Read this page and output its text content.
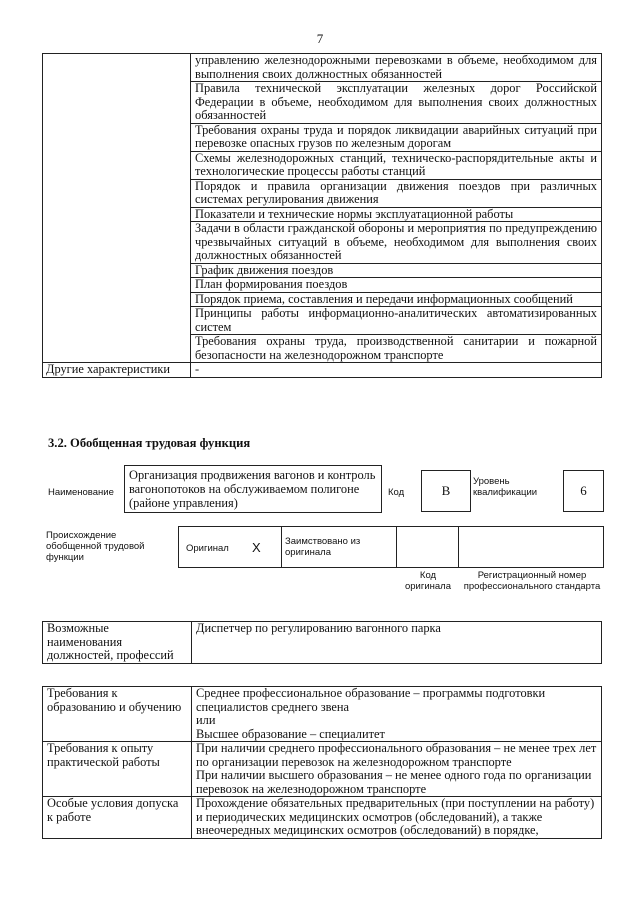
7
	управлению железнодорожными перевозками в объеме, необходимом для выполнения своих должностных обязанностей
	Правила технической эксплуатации железных дорог Российской Федерации в объеме, необходимом для выполнения своих должностных обязанностей
	Требования охраны труда и порядок ликвидации аварийных ситуаций при перевозке опасных грузов по железным дорогам
	Схемы железнодорожных станций, техническо-распорядительные акты и технологические процессы работы станций
	Порядок и правила организации движения поездов при различных системах регулирования движения
	Показатели и технические нормы эксплуатационной работы
	Задачи в области гражданской обороны и мероприятия по предупреждению чрезвычайных ситуаций в объеме, необходимом для выполнения своих должностных обязанностей
	График движения поездов
	План формирования поездов
	Порядок приема, составления и передачи информационных сообщений
	Принципы работы информационно-аналитических автоматизированных систем
	Требования охраны труда, производственной санитарии и пожарной безопасности на железнодорожном транспорте
Другие характеристики	-
3.2. Обобщенная трудовая функция
Наименование
Организация продвижения вагонов и контроль вагонопотоков на обслуживаемом полигоне (районе управления)
Код	B
Уровень квалификации	6
Происхождение обобщенной трудовой функции
Оригинал X	Заимствовано из оригинала
Код оригинала
Регистрационный номер профессионального стандарта
Возможные наименования должностей, профессий	Диспетчер по регулированию вагонного парка
Требования к образованию и обучению	Среднее профессиональное образование – программы подготовки специалистов среднего звена
или
Высшее образование – специалитет

Требования к опыту практической работы	При наличии среднего профессионального образования – не менее трех лет по организации перевозок на железнодорожном транспорте
При наличии высшего образования – не менее одного года по организации перевозок на железнодорожном транспорте

Особые условия допуска к работе	Прохождение обязательных предварительных (при поступлении на работу) и периодических медицинских осмотров (обследований), а также внеочередных медицинских осмотров (обследований) в порядке,
